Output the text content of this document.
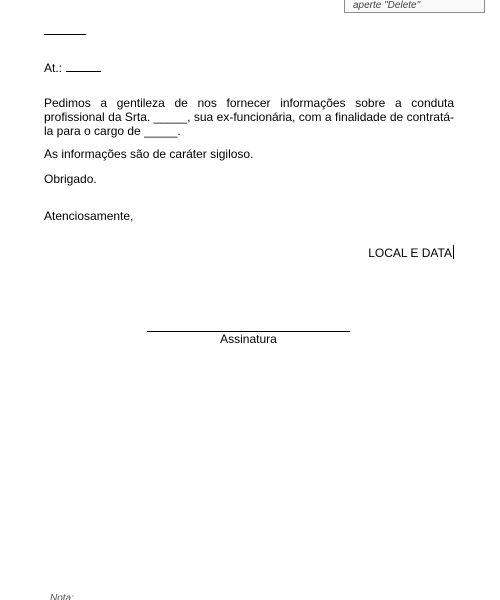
aperte "Delete"
At.:
Pedimos a gentileza de nos fornecer informações sobre a conduta profissional da Srta. _____, sua ex-funcionária, com a finalidade de contratá-la para o cargo de _____.
As informações são de caráter sigiloso.
Obrigado.
Atenciosamente,
LOCAL E DATA
Assinatura
Nota:
